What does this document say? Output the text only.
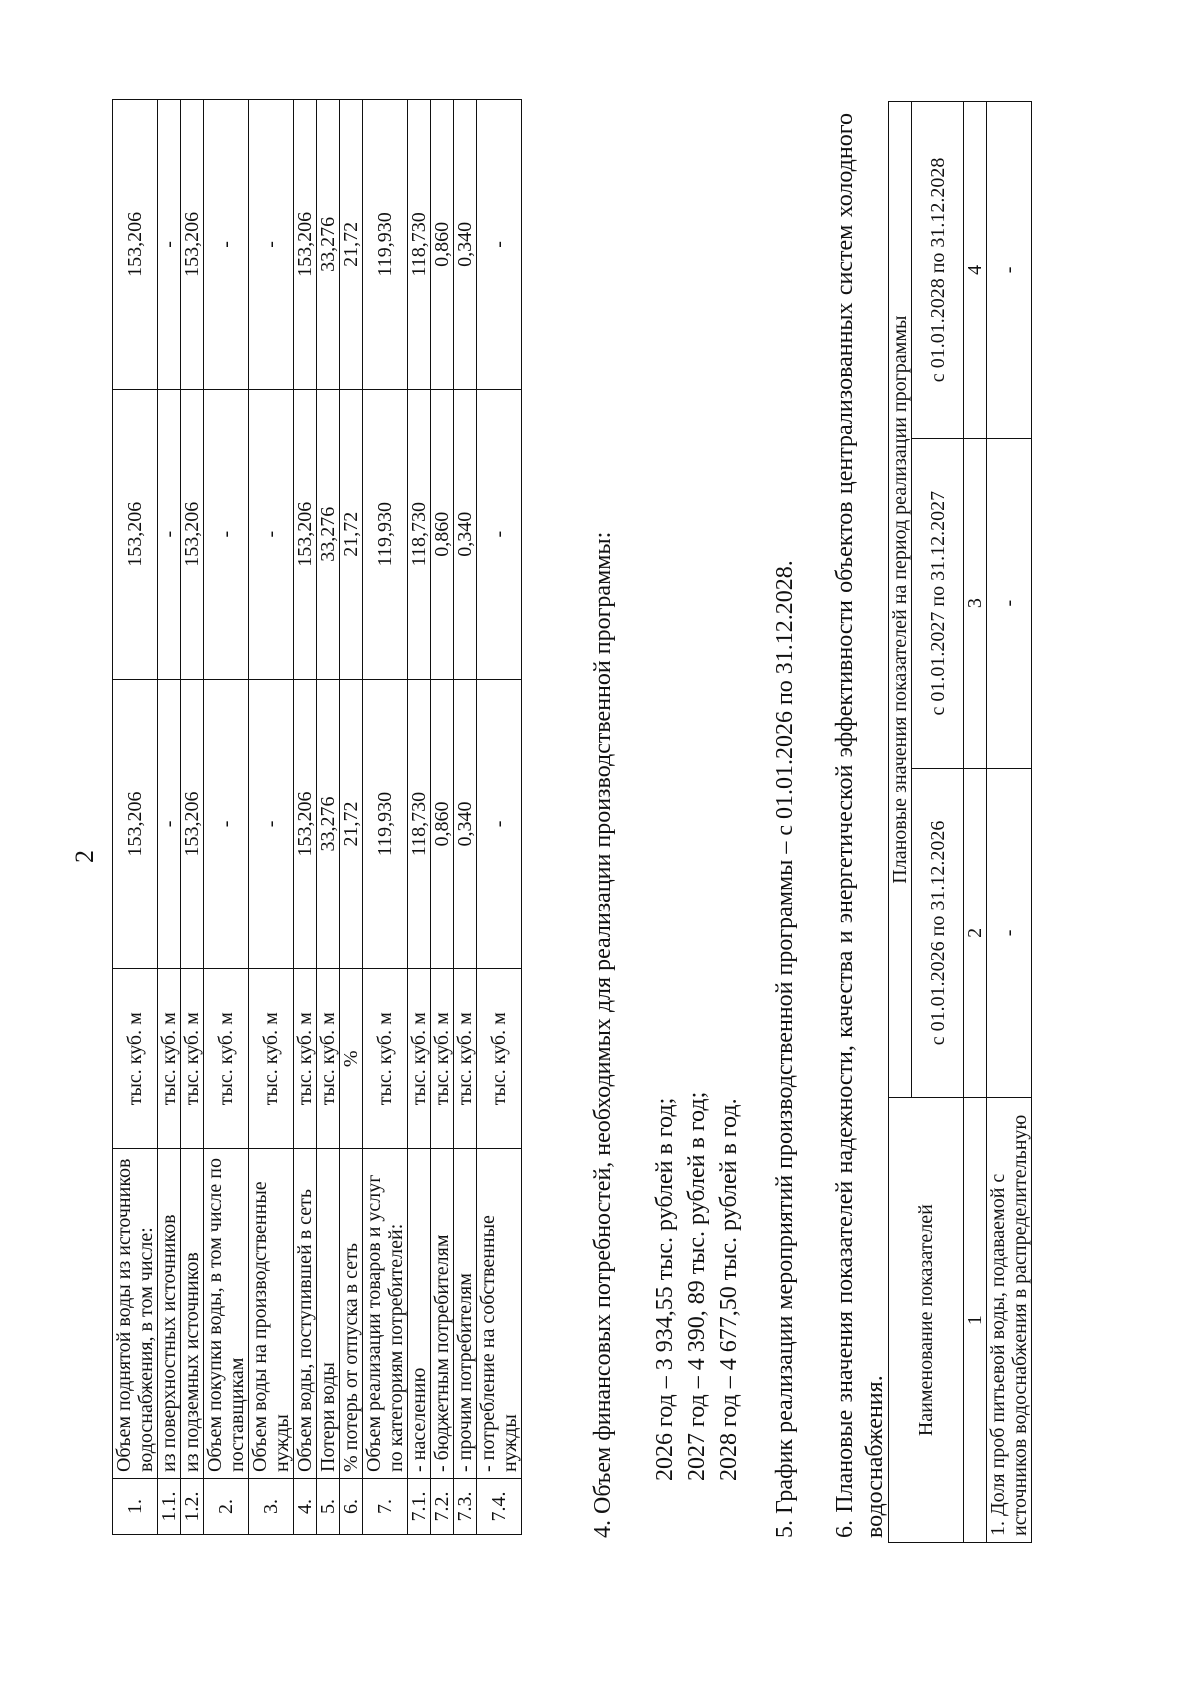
2
1.	Объем поднятой воды из источников водоснабжения, в том числе:	тыс. куб. м	153,206	153,206	153,206
1.1.	из поверхностных источников	тыс. куб. м	-	-	-
1.2.	из подземных источников	тыс. куб. м	153,206	153,206	153,206
2.	Объем покупки воды, в том числе по поставщикам	тыс. куб. м	-	-	-
3.	Объем воды на производственные нужды	тыс. куб. м	-	-	-
4.	Объем воды, поступившей в сеть	тыс. куб. м	153,206	153,206	153,206
5.	Потери воды	тыс. куб. м	33,276	33,276	33,276
6.	% потерь от отпуска в сеть	%	21,72	21,72	21,72
7.	Объем реализации товаров и услуг по категориям потребителей:	тыс. куб. м	119,930	119,930	119,930
7.1.	- населению	тыс. куб. м	118,730	118,730	118,730
7.2.	- бюджетным потребителям	тыс. куб. м	0,860	0,860	0,860
7.3.	- прочим потребителям	тыс. куб. м	0,340	0,340	0,340
7.4.	- потребление на собственные нужды	тыс. куб. м	-	-	-
4. Объем финансовых потребностей, необходимых для реализации производственной программы: 2026 год – 3 934,55 тыс. рублей в год; 2027 год – 4 390, 89 тыс. рублей в год; 2028 год – 4 677,50 тыс. рублей в год. 5. График реализации мероприятий производственной программы – с 01.01.2026 по 31.12.2028. 6. Плановые значения показателей надежности, качества и энергетической эффективности объектов централизованных систем холодного водоснабжения.
Наименование показателей	Плановые значения показателей на период реализации программы		
	с 01.01.2026 по 31.12.2026	с 01.01.2027 по 31.12.2027	с 01.01.2028 по 31.12.2028
1	2	3	4
1. Доля проб питьевой воды, подаваемой с источников водоснабжения в распределительную	-	-	-
